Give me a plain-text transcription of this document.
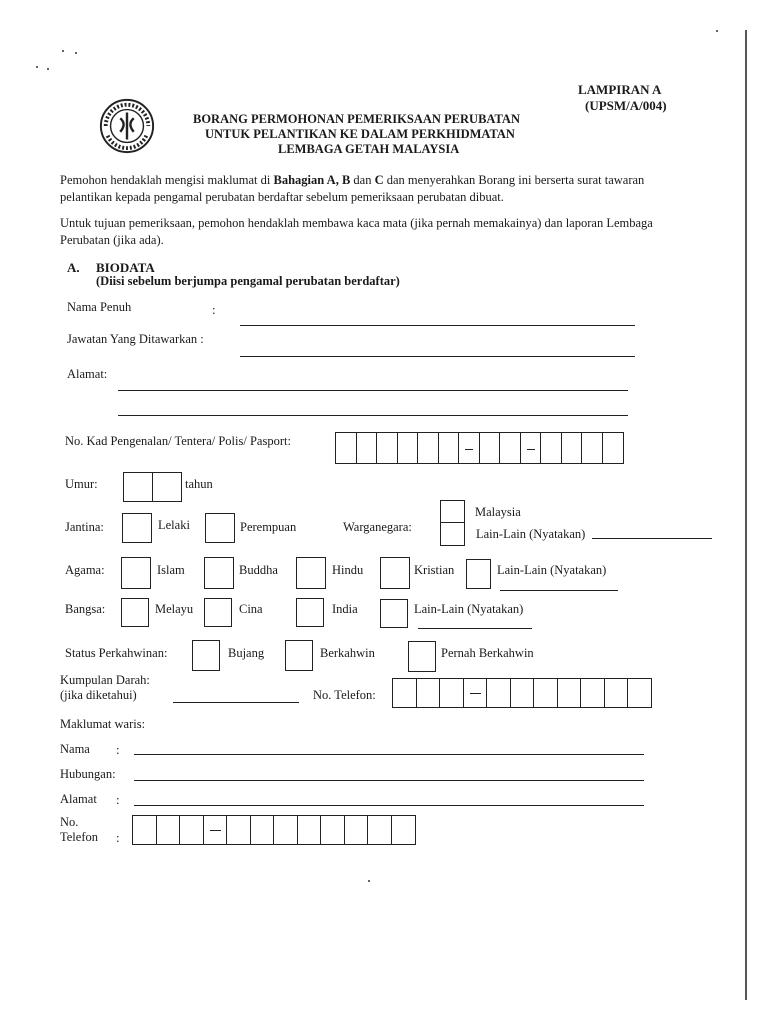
LAMPIRAN A
(UPSM/A/004)
BORANG PERMOHONAN PEMERIKSAAN PERUBATAN
UNTUK PELANTIKAN KE DALAM PERKHIDMATAN
LEMBAGA GETAH MALAYSIA
Pemohon hendaklah mengisi maklumat di Bahagian A, B dan C dan menyerahkan Borang ini berserta surat tawaran pelantikan kepada pengamal perubatan berdaftar sebelum pemeriksaan perubatan dibuat.
Untuk tujuan pemeriksaan, pemohon hendaklah membawa kaca mata (jika pernah memakainya) dan laporan Lembaga Perubatan (jika ada).
A. BIODATA
(Diisi sebelum berjumpa pengamal perubatan berdaftar)
Nama Penuh	:
Jawatan Yang Ditawarkan :
Alamat:
No. Kad Pengenalan/ Tentera/ Polis/ Pasport:
Umur:	tahun
Jantina:	Lelaki	Perempuan	Warganegara:
Malaysia
Lain-Lain (Nyatakan)
Agama:	Islam	Buddha	Hindu	Kristian	Lain-Lain (Nyatakan)
Bangsa:	Melayu	Cina	India	Lain-Lain (Nyatakan)
Status Perkahwinan:	Bujang	Berkahwin	Pernah Berkahwin
Kumpulan Darah:
(jika diketahui)	No. Telefon:
Maklumat waris:
Nama :
Hubungan:
Alamat :
No.
Telefon :
